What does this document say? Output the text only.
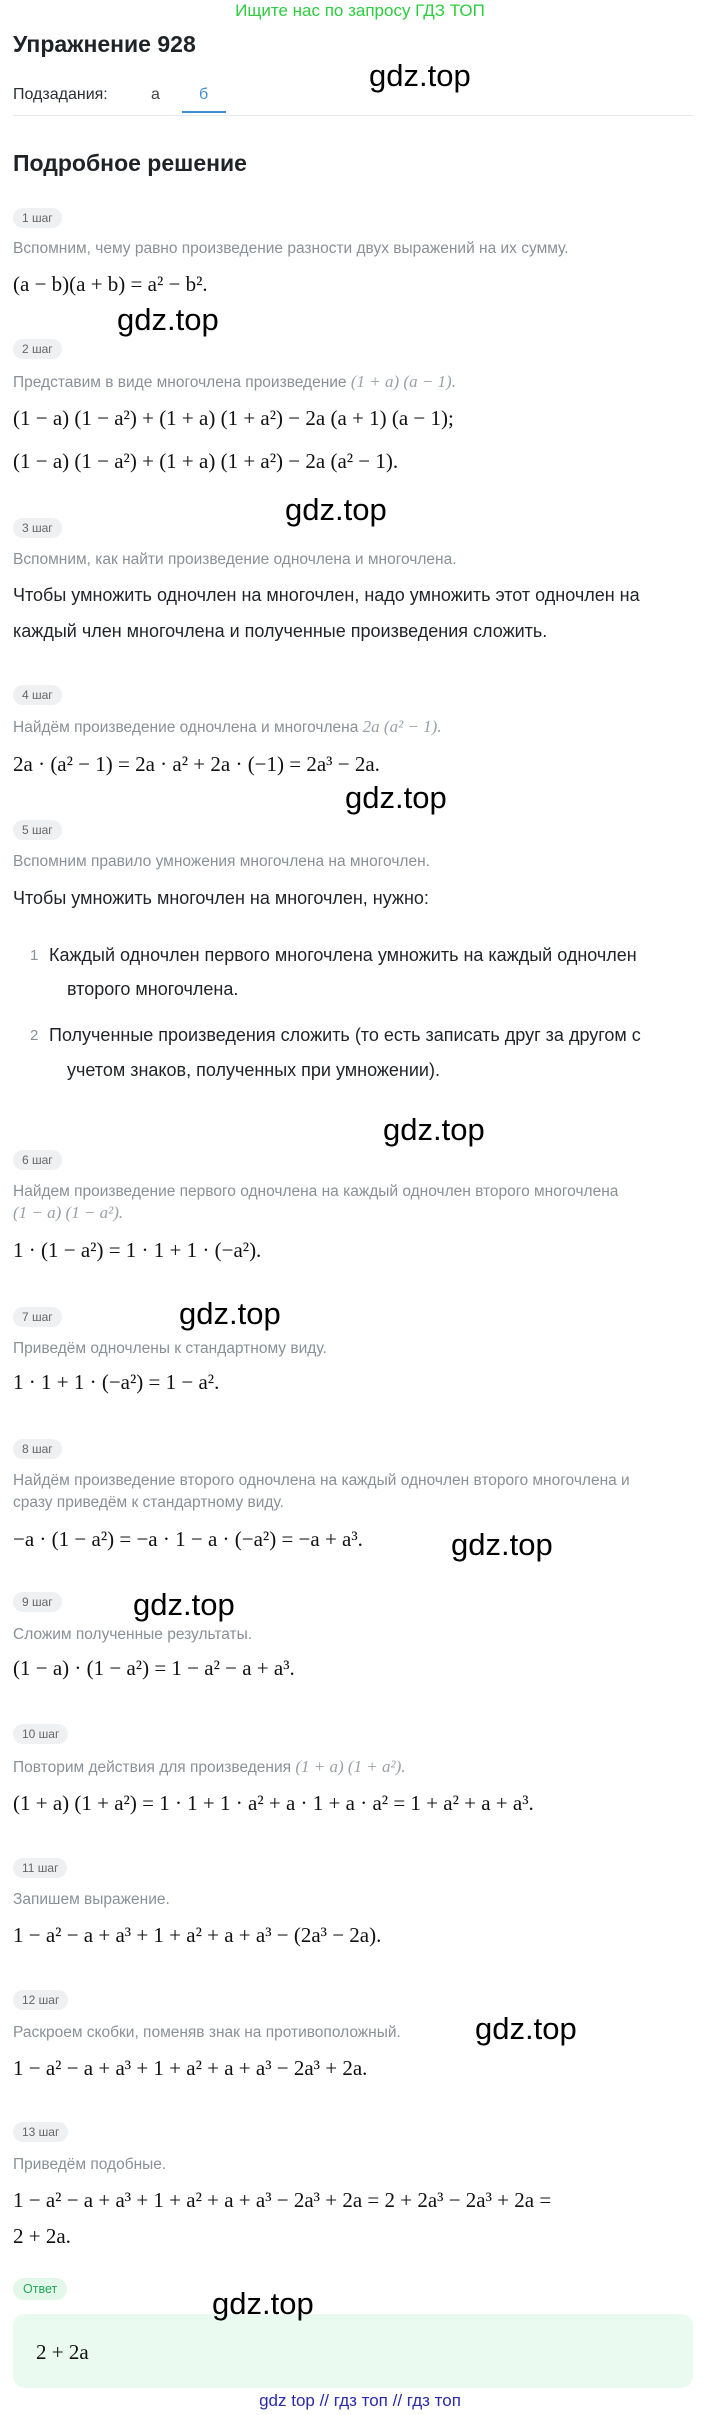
Ищите нас по запросу ГДЗ ТОП
Упражнение 928
gdz.top
Подзадания:	а б
Подробное решение
1 шаг
Вспомним, чему равно произведение разности двух выражений на их сумму.
(a − b)(a + b) = a² − b².
gdz.top
2 шаг
Представим в виде многочлена произведение (1 + a) (a − 1).
(1 − a) (1 − a²) + (1 + a) (1 + a²) − 2a (a + 1) (a − 1);
(1 − a) (1 − a²) + (1 + a) (1 + a²) − 2a (a² − 1).
gdz.top
3 шаг
Вспомним, как найти произведение одночлена и многочлена.
Чтобы умножить одночлен на многочлен, надо умножить этот одночлен на
каждый член многочлена и полученные произведения сложить.
4 шаг
Найдём произведение одночлена и многочлена 2a (a² − 1).
2a · (a² − 1) = 2a · a² + 2a · (−1) = 2a³ − 2a.
gdz.top
5 шаг
Вспомним правило умножения многочлена на многочлен.
Чтобы умножить многочлен на многочлен, нужно:
1 Каждый одночлен первого многочлена умножить на каждый одночлен
второго многочлена.
2 Полученные произведения сложить (то есть записать друг за другом с
учетом знаков, полученных при умножении).
gdz.top
6 шаг
Найдем произведение первого одночлена на каждый одночлен второго многочлена
(1 − a) (1 − a²).
1 · (1 − a²) = 1 · 1 + 1 · (−a²).
gdz.top
7 шаг
Приведём одночлены к стандартному виду.
1 · 1 + 1 · (−a²) = 1 − a².
8 шаг
Найдём произведение второго одночлена на каждый одночлен второго многочлена и
сразу приведём к стандартному виду.
−a · (1 − a²) = −a · 1 − a · (−a²) = −a + a³.	gdz.top
gdz.top
9 шаг
Сложим полученные результаты.
(1 − a) · (1 − a²) = 1 − a² − a + a³.
10 шаг
Повторим действия для произведения (1 + a) (1 + a²).
(1 + a) (1 + a²) = 1 · 1 + 1 · a² + a · 1 + a · a² = 1 + a² + a + a³.
11 шаг
Запишем выражение.
1 − a² − a + a³ + 1 + a² + a + a³ − (2a³ − 2a).
12 шаг
Раскроем скобки, поменяв знак на противоположный. gdz.top
1 − a² − a + a³ + 1 + a² + a + a³ − 2a³ + 2a.
13 шаг
Приведём подобные.
1 − a² − a + a³ + 1 + a² + a + a³ − 2a³ + 2a = 2 + 2a³ − 2a³ + 2a =
2 + 2a.
Ответ	gdz.top
2 + 2a
gdz top // гдз топ // гдз топ
